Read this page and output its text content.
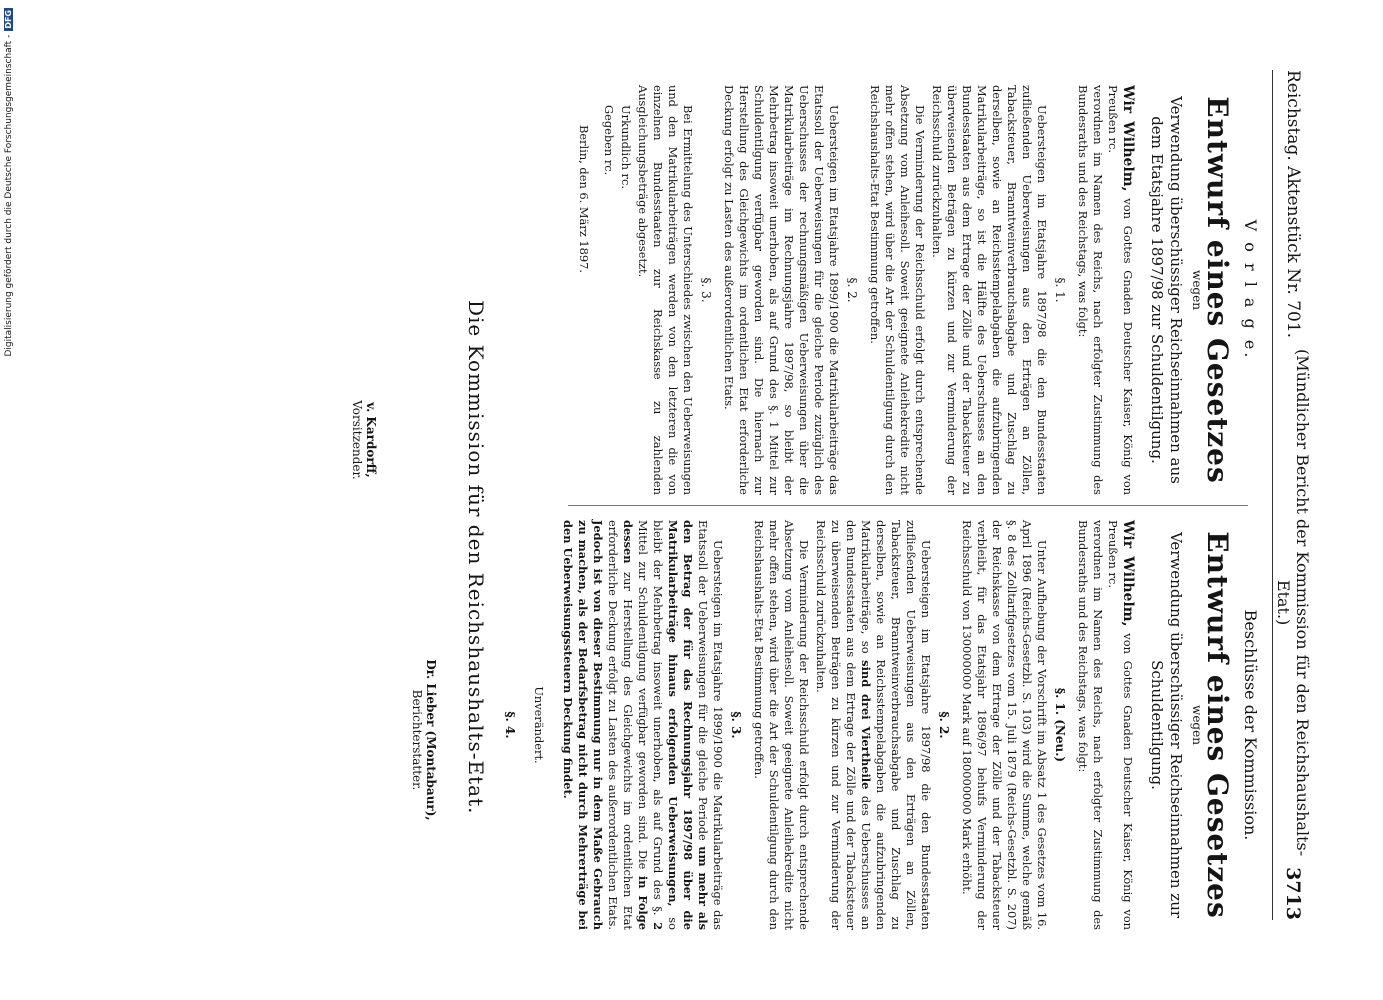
Reichstag. Aktenstück Nr. 701.
(Mündlicher Bericht der Kommission für den Reichshaushalts-Etat.)
3713
V o r l a g e.
Entwurf eines Gesetzes
wegen
Verwendung überschüssiger Reichseinnahmen aus dem Etatsjahre 1897/98 zur Schuldentilgung.
Wir Wilhelm, von Gottes Gnaden Deutscher Kaiser, König von Preußen rc.
verordnen im Namen des Reichs, nach erfolgter Zustimmung des Bundesraths und des Reichstags, was folgt:
§. 1.

Uebersteigen im Etatsjahre 1897/98 die den Bundesstaaten zufließenden Ueberweisungen aus den Erträgen an Zöllen, Tabacksteuer, Branntweinverbrauchsabgabe und Zuschlag zu derselben, sowie an Reichsstempelabgaben die aufzubringenden Matrikularbeiträge, so ist die Hälfte des Ueberschusses an den Bundesstaaten aus dem Ertrage der Zölle und der Tabacksteuer zu überweisenden Beträgen zu kürzen und zur Verminderung der Reichsschuld zurückzuhalten.

Die Verminderung der Reichsschuld erfolgt durch entsprechende Absetzung vom Anleihesoll. Soweit geeignete Anleihekredite nicht mehr offen stehen, wird über die Art der Schuldentilgung durch den Reichshaushalts-Etat Bestimmung getroffen.

§. 2.

Uebersteigen im Etatsjahre 1899/1900 die Matrikularbeiträge das Etatssoll der Ueberweisungen für die gleiche Periode zuzüglich des Ueberschusses der rechnungsmäßigen Ueberweisungen über die Matrikularbeiträge im Rechnungsjahre 1897/98, so bleibt der Mehrbetrag insoweit unerhoben, als auf Grund des §. 1 Mittel zur Schuldentilgung verfügbar geworden sind. Die hiernach zur Herstellung des Gleichgewichts im ordentlichen Etat erforderliche Deckung erfolgt zu Lasten des außerordentlichen Etats.

§. 3.

Bei Ermittelung des Unterschiedes zwischen den Ueberweisungen und den Matrikularbeiträgen werden von den letzteren die von einzelnen Bundesstaaten zur Reichskasse zu zahlenden Ausgleichungsbeträge abgesetzt.

Urkundlich rc.
Gegeben rc.
Berlin, den 6. März 1897.
Beschlüsse der Kommission.
Entwurf eines Gesetzes
wegen
Verwendung überschüssiger Reichseinnahmen zur Schuldentilgung.
Wir Wilhelm, von Gottes Gnaden Deutscher Kaiser, König von Preußen rc.
verordnen im Namen des Reichs, nach erfolgter Zustimmung des Bundesraths und des Reichstags, was folgt:
§. 1. (Neu.)

Unter Aufhebung der Vorschrift im Absatz 1 des Gesetzes vom 16. April 1896 (Reichs-Gesetzbl. S. 103) wird die Summe, welche gemäß §. 8 des Zolltarifgesetzes vom 15. Juli 1879 (Reichs-Gesetzbl. S. 207) der Reichskasse von dem Ertrage der Zölle und der Tabacksteuer verbleibt, für das Etatsjahr 1896/97 behufs Verminderung der Reichsschuld von 130000000 Mark auf 180000000 Mark erhöht.

§. 2.

Uebersteigen im Etatsjahre 1897/98 die den Bundesstaaten zufließenden Ueberweisungen aus den Erträgen an Zöllen, Tabacksteuer, Branntweinverbrauchsabgabe und Zuschlag zu derselben, sowie an Reichsstempelabgaben die aufzubringenden Matrikularbeiträge, so sind drei Viertheile des Ueberschusses an den Bundesstaaten aus dem Ertrage der Zölle und der Tabacksteuer zu überweisenden Beträgen zu kürzen und zur Verminderung der Reichsschuld zurückzuhalten.

Die Verminderung der Reichsschuld erfolgt durch entsprechende Absetzung vom Anleihesoll. Soweit geeignete Anleihekredite nicht mehr offen stehen, wird über die Art der Schuldentilgung durch den Reichshaushalts-Etat Bestimmung getroffen.

§. 3.

Uebersteigen im Etatsjahre 1899/1900 die Matrikularbeiträge das Etatssoll der Ueberweisungen für die gleiche Periode um mehr als den Betrag der für das Rechnungsjahr 1897/98 über die Matrikularbeiträge hinaus erfolgenden Ueberweisungen, so bleibt der Mehrbetrag insoweit unerhoben, als auf Grund des §. 2 Mittel zur Schuldentilgung verfügbar geworden sind. Die in Folge dessen zur Herstellung des Gleichgewichts im ordentlichen Etat erforderliche Deckung erfolgt zu Lasten des außerordentlichen Etats. Jedoch ist von dieser Bestimmung nur in dem Maße Gebrauch zu machen, als der Bedarfsbetrag nicht durch Mehrerträge bei den Ueberweisungssteuern Deckung findet.

Unverändert.
§. 4.
Die Kommission für den Reichshaushalts-Etat.
Dr. Lieber (Montabaur),
Berichterstatter.
v. Kardorff,
Vorsitzender.
Digitalisierung gefördert durch die Deutsche Forschungsgemeinschaft -
DFG
